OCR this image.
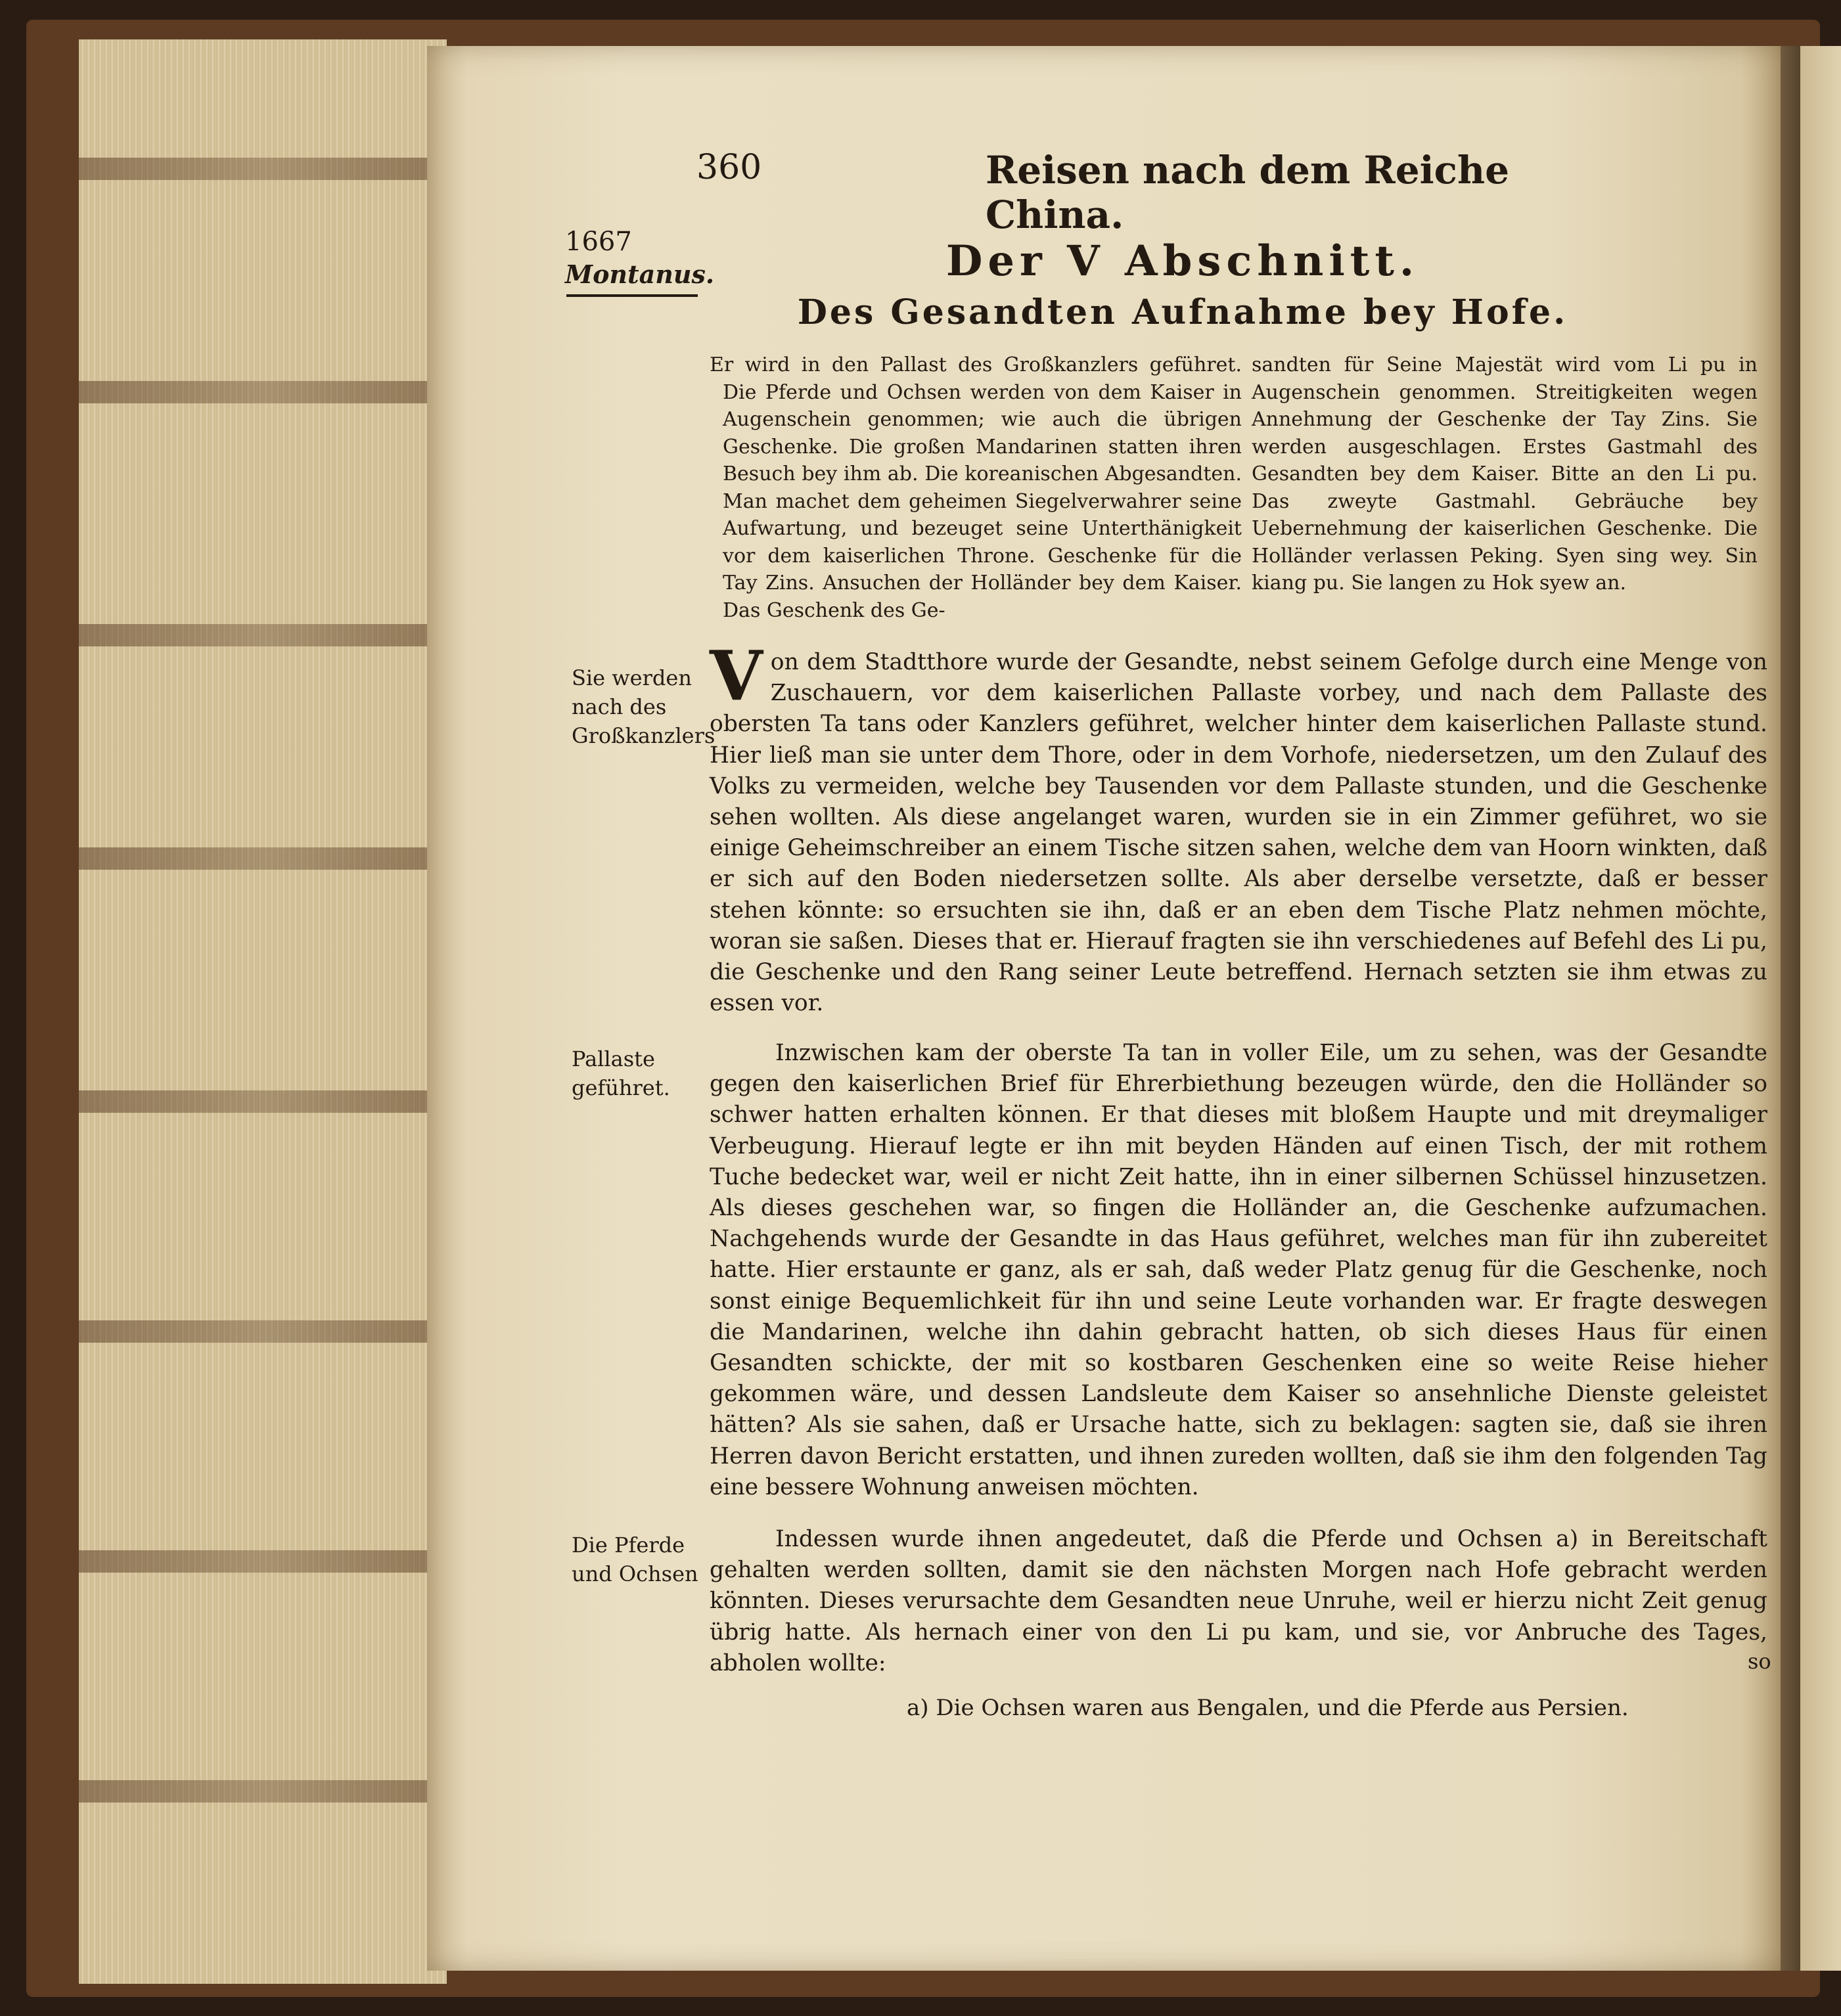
360	Reisen nach dem Reiche China.
1667
Montanus.	Der V Abschnitt.
Des Gesandten Aufnahme bey Hofe.
Er wird in den Pallast des Großkanzlers geführet. Die Pferde und Ochsen werden von dem Kaiser in Augenschein genommen; wie auch die übrigen Geschenke. Die großen Mandarinen statten ihren Besuch bey ihm ab. Die koreanischen Abgesandten. Man machet dem geheimen Siegelverwahrer seine Aufwartung, und bezeuget seine Unterthänigkeit vor dem kaiserlichen Throne. Geschenke für die Tay Zins. Ansuchen der Holländer bey dem Kaiser. Das Geschenk des Ge-
sandten für Seine Majestät wird vom Li pu in Augenschein genommen. Streitigkeiten wegen Annehmung der Geschenke der Tay Zins. Sie werden ausgeschlagen. Erstes Gastmahl des Gesandten bey dem Kaiser. Bitte an den Li pu. Das zweyte Gastmahl. Gebräuche bey Uebernehmung der kaiserlichen Geschenke. Die Holländer verlassen Peking. Syen sing wey. Sin kiang pu. Sie langen zu Hok syew an.
Sie werden nach des Großkanzlers
Pallaste geführet.
Die Pferde und Ochsen
V on dem Stadtthore wurde der Gesandte, nebst seinem Gefolge durch eine Menge von Zuschauern, vor dem kaiserlichen Pallaste vorbey, und nach dem Pallaste des obersten Ta tans oder Kanzlers geführet, welcher hinter dem kaiserlichen Pallaste stund. Hier ließ man sie unter dem Thore, oder in dem Vorhofe, niedersetzen, um den Zulauf des Volks zu vermeiden, welche bey Tausenden vor dem Pallaste stunden, und die Geschenke sehen wollten. Als diese angelanget waren, wurden sie in ein Zimmer geführet, wo sie einige Geheimschreiber an einem Tische sitzen sahen, welche dem van Hoorn winkten, daß er sich auf den Boden niedersetzen sollte. Als aber derselbe versetzte, daß er besser stehen könnte: so ersuchten sie ihn, daß er an eben dem Tische Platz nehmen möchte, woran sie saßen. Dieses that er. Hierauf fragten sie ihn verschiedenes auf Befehl des Li pu, die Geschenke und den Rang seiner Leute betreffend. Hernach setzten sie ihm etwas zu essen vor.
Inzwischen kam der oberste Ta tan in voller Eile, um zu sehen, was der Gesandte gegen den kaiserlichen Brief für Ehrerbiethung bezeugen würde, den die Holländer so schwer hatten erhalten können. Er that dieses mit bloßem Haupte und mit dreymaliger Verbeugung. Hierauf legte er ihn mit beyden Händen auf einen Tisch, der mit rothem Tuche bedecket war, weil er nicht Zeit hatte, ihn in einer silbernen Schüssel hinzusetzen. Als dieses geschehen war, so fingen die Holländer an, die Geschenke aufzumachen. Nachgehends wurde der Gesandte in das Haus geführet, welches man für ihn zubereitet hatte. Hier erstaunte er ganz, als er sah, daß weder Platz genug für die Geschenke, noch sonst einige Bequemlichkeit für ihn und seine Leute vorhanden war. Er fragte deswegen die Mandarinen, welche ihn dahin gebracht hatten, ob sich dieses Haus für einen Gesandten schickte, der mit so kostbaren Geschenken eine so weite Reise hieher gekommen wäre, und dessen Landsleute dem Kaiser so ansehnliche Dienste geleistet hätten? Als sie sahen, daß er Ursache hatte, sich zu beklagen: sagten sie, daß sie ihren Herren davon Bericht erstatten, und ihnen zureden wollten, daß sie ihm den folgenden Tag eine bessere Wohnung anweisen möchten.
Indessen wurde ihnen angedeutet, daß die Pferde und Ochsen a) in Bereitschaft gehalten werden sollten, damit sie den nächsten Morgen nach Hofe gebracht werden könnten. Dieses verursachte dem Gesandten neue Unruhe, weil er hierzu nicht Zeit genug übrig hatte. Als hernach einer von den Li pu kam, und sie, vor Anbruche des Tages, abholen wollte:	so
a) Die Ochsen waren aus Bengalen, und die Pferde aus Persien.
